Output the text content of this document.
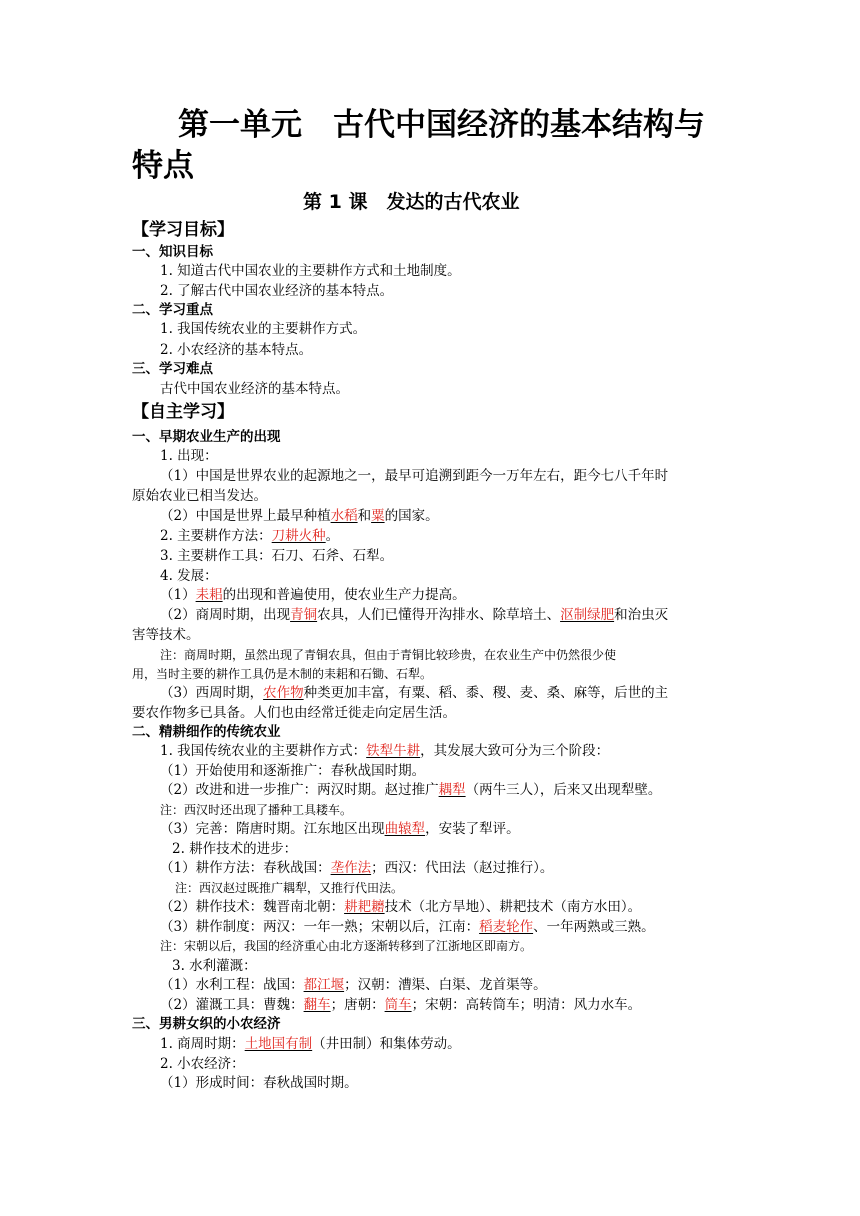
第一单元　古代中国经济的基本结构与
特点
第 1 课　发达的古代农业
【学习目标】
一、知识目标
1. 知道古代中国农业的主要耕作方式和土地制度。
2. 了解古代中国农业经济的基本特点。
二、学习重点
1. 我国传统农业的主要耕作方式。
2. 小农经济的基本特点。
三、学习难点
古代中国农业经济的基本特点。
【自主学习】
一、早期农业生产的出现
1. 出现：
（1）中国是世界农业的起源地之一，最早可追溯到距今一万年左右，距今七八千年时
原始农业已相当发达。
（2）中国是世界上最早种植水稻和粟的国家。
2. 主要耕作方法：刀耕火种。
3. 主要耕作工具：石刀、石斧、石犁。
4. 发展：
（1）耒耜的出现和普遍使用，使农业生产力提高。
（2）商周时期，出现青铜农具，人们已懂得开沟排水、除草培土、沤制绿肥和治虫灭
害等技术。
注：商周时期，虽然出现了青铜农具，但由于青铜比较珍贵，在农业生产中仍然很少使
用，当时主要的耕作工具仍是木制的耒耜和石锄、石犁。
（3）西周时期，农作物种类更加丰富，有粟、稻、黍、稷、麦、桑、麻等，后世的主
要农作物多已具备。人们也由经常迁徙走向定居生活。
二、精耕细作的传统农业
1. 我国传统农业的主要耕作方式：铁犁牛耕，其发展大致可分为三个阶段：
（1）开始使用和逐渐推广：春秋战国时期。
（2）改进和进一步推广：两汉时期。赵过推广耦犁（两牛三人），后来又出现犁壁。
注：西汉时还出现了播种工具耧车。
（3）完善：隋唐时期。江东地区出现曲辕犁，安装了犁评。
2. 耕作技术的进步：
（1）耕作方法：春秋战国：垄作法；西汉：代田法（赵过推行）。
注：西汉赵过既推广耦犁，又推行代田法。
（2）耕作技术：魏晋南北朝：耕耙耱技术（北方旱地）、耕耙技术（南方水田）。
（3）耕作制度：两汉：一年一熟；宋朝以后，江南：稻麦轮作、一年两熟或三熟。
注：宋朝以后，我国的经济重心由北方逐渐转移到了江浙地区即南方。
3. 水利灌溉：
（1）水利工程：战国：都江堰；汉朝：漕渠、白渠、龙首渠等。
（2）灌溉工具：曹魏：翻车；唐朝：筒车；宋朝：高转筒车；明清：风力水车。
三、男耕女织的小农经济
1. 商周时期：土地国有制（井田制）和集体劳动。
2. 小农经济：
（1）形成时间：春秋战国时期。
